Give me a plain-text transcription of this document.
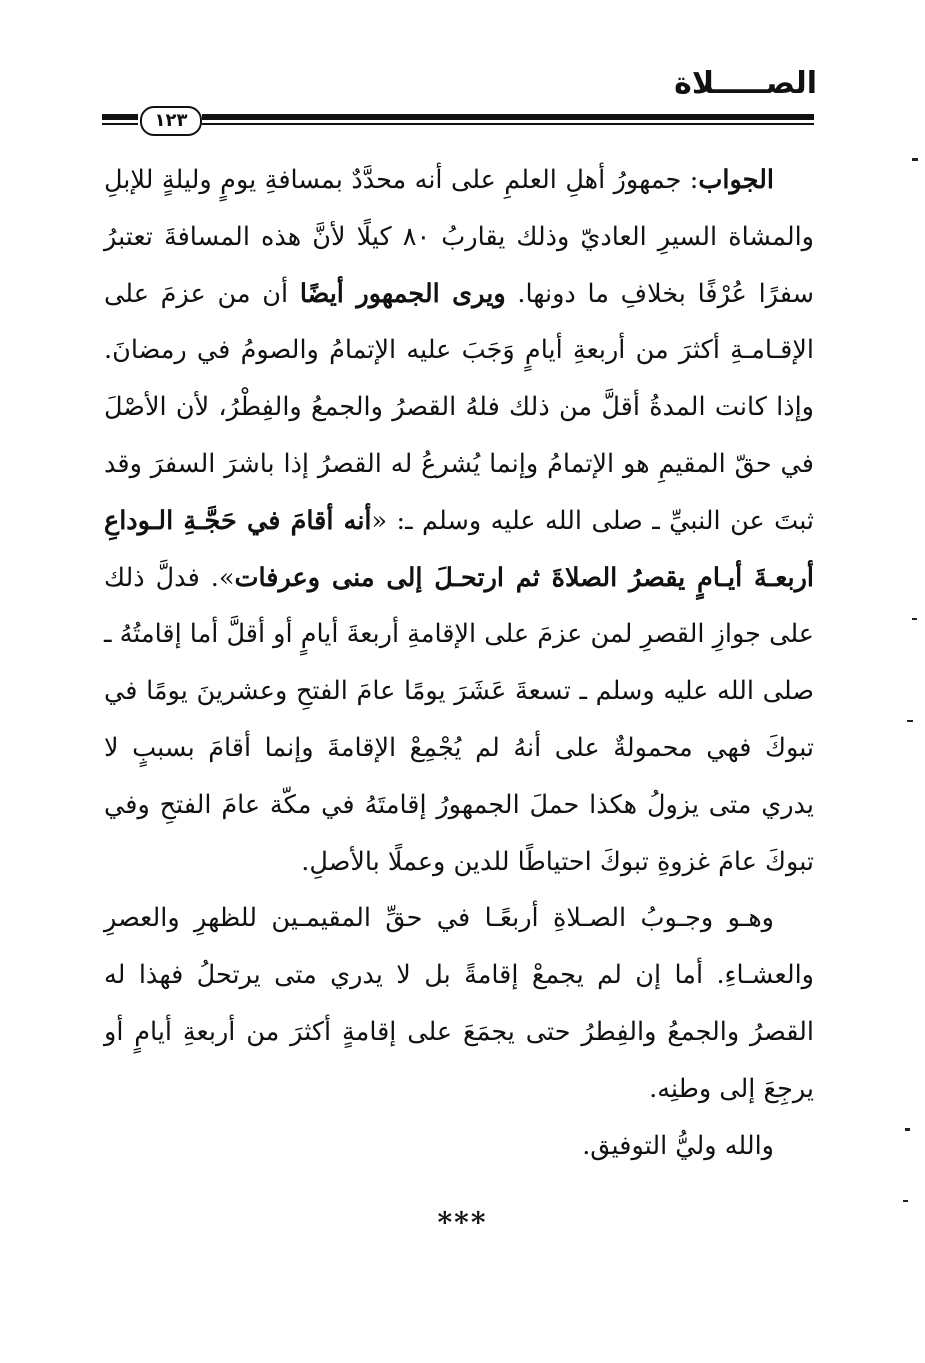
الصـــــلاة
١٢٣

الجواب: جمهورُ أهلِ العلمِ على أنه محدَّدٌ بمسافةِ يومٍ وليلةٍ للإبلِ والمشاة السيرِ العاديّ وذلك يقاربُ ٨٠ كيلًا لأنَّ هذه المسافةَ تعتبرُ سفرًا عُرْفًا بخلافِ ما دونها. ويرى الجمهور أيضًا أن من عزمَ على الإقـامـةِ أكثرَ من أربعةِ أيامٍ وَجَبَ عليه الإتمامُ والصومُ في رمضانَ. وإذا كانت المدةُ أقلَّ من ذلك فلهُ القصرُ والجمعُ والفِطْرُ، لأن الأصْلَ في حقّ المقيمِ هو الإتمامُ وإنما يُشرعُ له القصرُ إذا باشرَ السفرَ وقد ثبتَ عن النبيِّ ـ صلى الله عليه وسلم ـ: «أنه أقامَ في حَجَّـةِ الـوداعِ أربعـةَ أيـامٍ يقصرُ الصلاةَ ثم ارتحـلَ إلى منى وعرفات». فدلَّ ذلك على جوازِ القصرِ لمن عزمَ على الإقامةِ أربعةَ أيامٍ أو أقلَّ أما إقامتُهُ ـ صلى الله عليه وسلم ـ تسعةَ عَشَرَ يومًا عامَ الفتحِ وعشرينَ يومًا في تبوكَ فهي محمولةٌ على أنهُ لم يُجْمِعْ الإقامةَ وإنما أقامَ بسببٍ لا يدري متى يزولُ هكذا حملَ الجمهورُ إقامتَهُ في مكّة عامَ الفتحِ وفي تبوكَ عامَ غزوةِ تبوكَ احتياطًا للدين وعملًا بالأصلِ.

وهـو وجـوبُ الصـلاةِ أربعًـا في حقِّ المقيمـين للظهرِ والعصرِ والعشـاءِ. أما إن لم يجمعْ إقامةً بل لا يدري متى يرتحلُ فهذا له القصرُ والجمعُ والفِطرُ حتى يجمَعَ على إقامةٍ أكثرَ من أربعةِ أيامٍ أو يرجِعَ إلى وطنِه.

والله وليُّ التوفيق.

***
